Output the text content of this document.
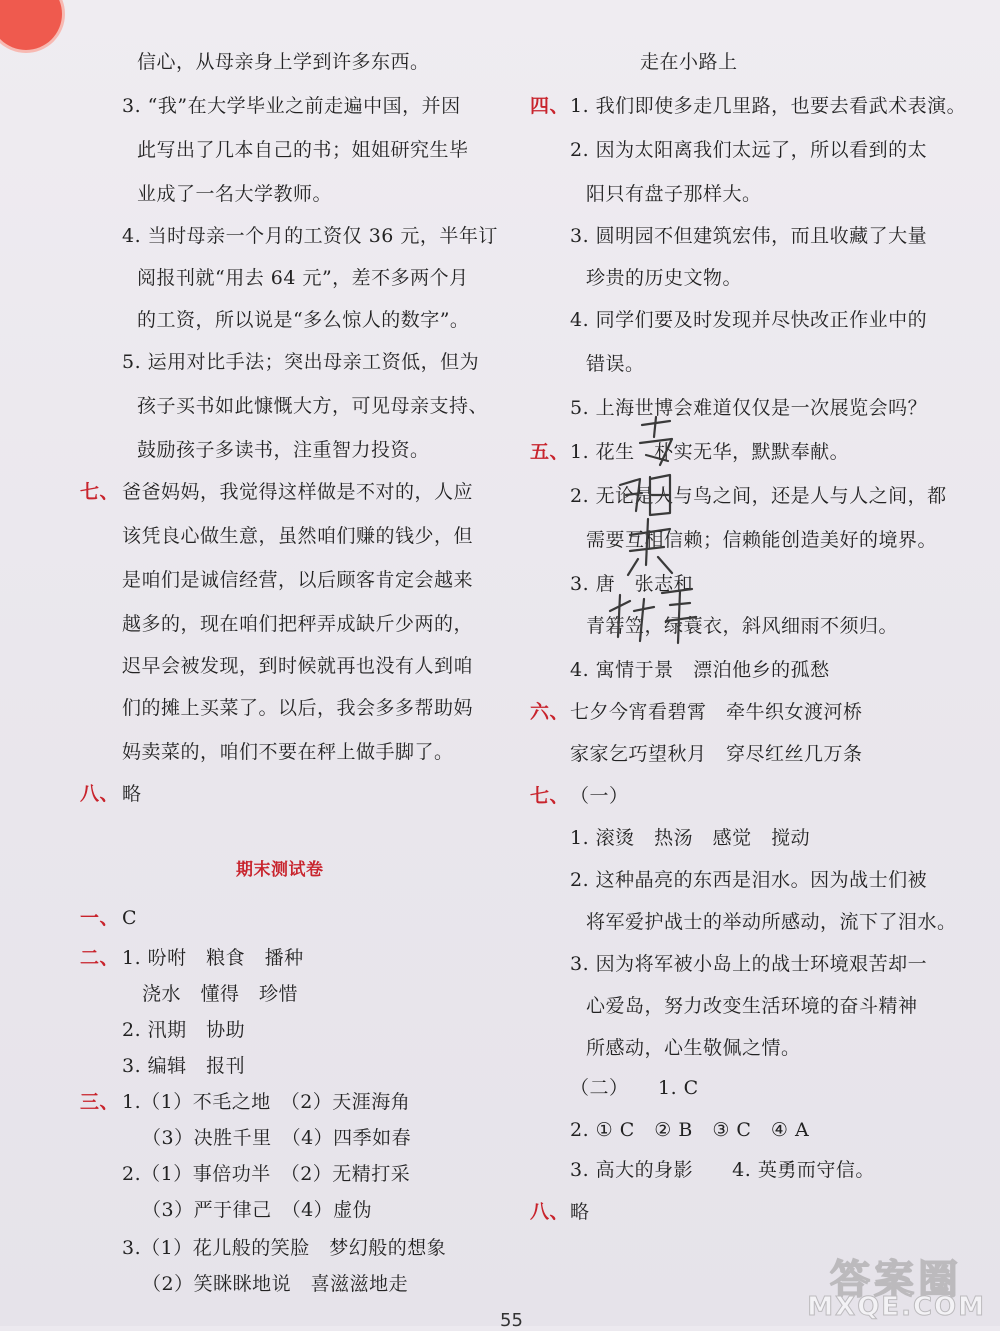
信心，从母亲身上学到许多东西。
3. “我”在大学毕业之前走遍中国，并因
此写出了几本自己的书；姐姐研究生毕
业成了一名大学教师。
4. 当时母亲一个月的工资仅 36 元，半年订
阅报刊就“用去 64 元”，差不多两个月
的工资，所以说是“多么惊人的数字”。
5. 运用对比手法；突出母亲工资低，但为
孩子买书如此慷慨大方，可见母亲支持、
鼓励孩子多读书，注重智力投资。
七、 爸爸妈妈，我觉得这样做是不对的，人应
该凭良心做生意，虽然咱们赚的钱少，但
是咱们是诚信经营，以后顾客肯定会越来
越多的，现在咱们把秤弄成缺斤少两的，
迟早会被发现，到时候就再也没有人到咱
们的摊上买菜了。以后，我会多多帮助妈
妈卖菜的，咱们不要在秤上做手脚了。
八、 略
期末测试卷
一、 C
二、 1. 吩咐　粮食　播种
浇水　懂得　珍惜
2. 汛期　协助
3. 编辑　报刊
三、 1.（1）不毛之地　（2）天涯海角
（3）决胜千里　（4）四季如春
2.（1）事倍功半　（2）无精打采
（3）严于律己　（4）虚伪
3.（1）花儿般的笑脸　梦幻般的想象
（2）笑眯眯地说　喜滋滋地走
走在小路上
四、 1. 我们即使多走几里路，也要去看武术表演。
2. 因为太阳离我们太远了，所以看到的太
阳只有盘子那样大。
3. 圆明园不但建筑宏伟，而且收藏了大量
珍贵的历史文物。
4. 同学们要及时发现并尽快改正作业中的
错误。
5. 上海世博会难道仅仅是一次展览会吗？
五、 1. 花生　朴实无华，默默奉献。
2. 无论是人与鸟之间，还是人与人之间，都
需要互相信赖；信赖能创造美好的境界。
3. 唐　张志和
青箬笠，绿蓑衣，斜风细雨不须归。
4. 寓情于景　漂泊他乡的孤愁
六、 七夕今宵看碧霄　牵牛织女渡河桥
家家乞巧望秋月　穿尽红丝几万条
七、 （一）
1. 滚烫　热汤　感觉　搅动
2. 这种晶亮的东西是泪水。因为战士们被
将军爱护战士的举动所感动，流下了泪水。
3. 因为将军被小岛上的战士环境艰苦却一
心爱岛，努力改变生活环境的奋斗精神
所感动，心生敬佩之情。
（二）　　1. C
2. ① C　② B　③ C　④ A
3. 高大的身影　　4. 英勇而守信。
八、 略
答案圈
MXQE.COM
55
